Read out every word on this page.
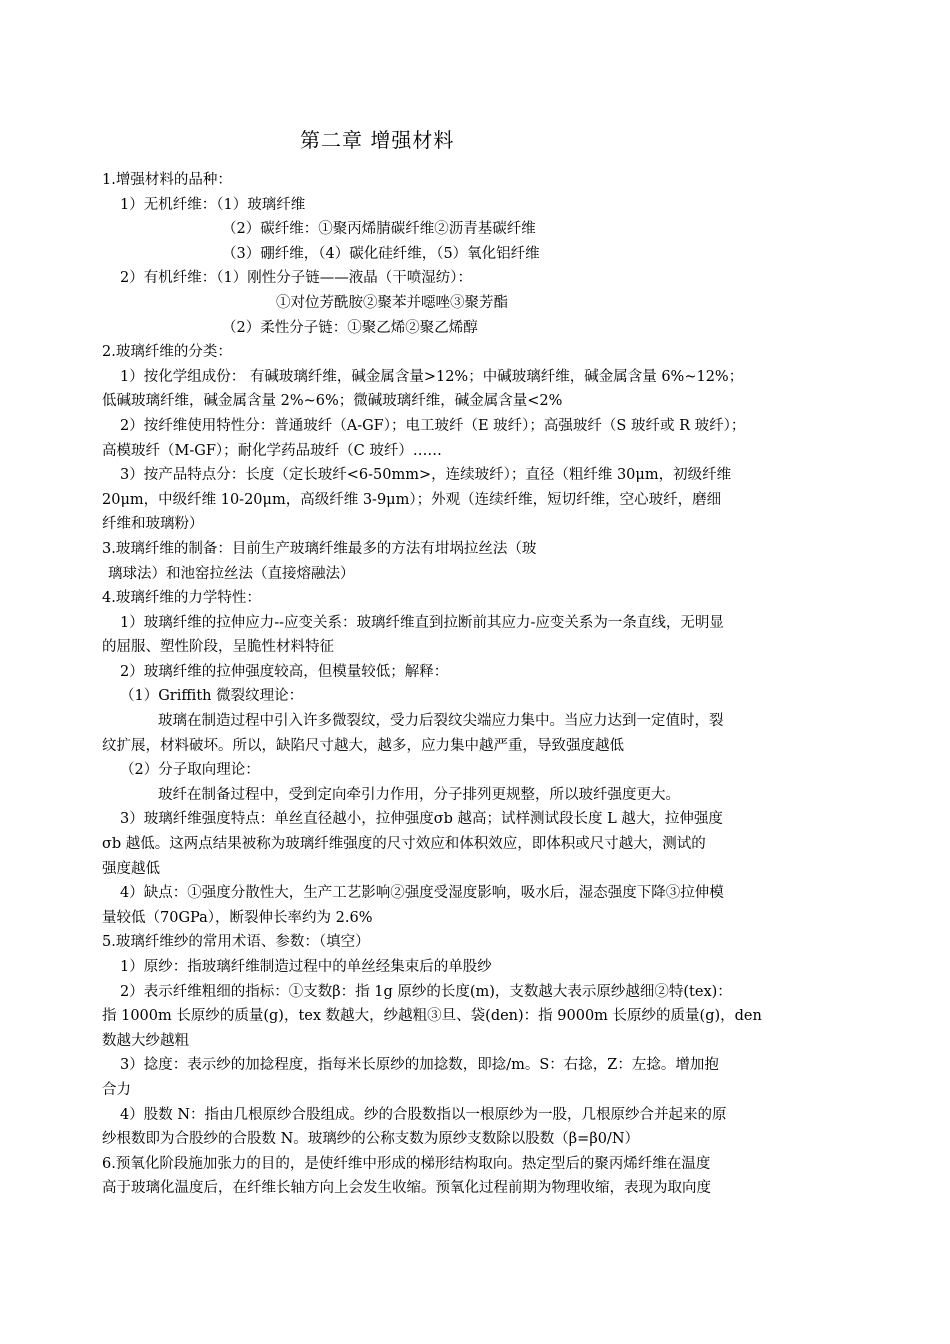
第二章 增强材料
1.增强材料的品种：
1）无机纤维：（1）玻璃纤维
（2）碳纤维：①聚丙烯腈碳纤维②沥青基碳纤维
（3）硼纤维，（4）碳化硅纤维，（5）氧化铝纤维
2）有机纤维：（1）刚性分子链——液晶（干喷湿纺）：
①对位芳酰胺②聚苯并噁唑③聚芳酯
（2）柔性分子链：①聚乙烯②聚乙烯醇
2.玻璃纤维的分类：
1）按化学组成份： 有碱玻璃纤维，碱金属含量>12%；中碱玻璃纤维，碱金属含量 6%~12%；
低碱玻璃纤维，碱金属含量 2%~6%；微碱玻璃纤维，碱金属含量<2%
2）按纤维使用特性分：普通玻纤（A-GF）；电工玻纤（E 玻纤）；高强玻纤（S 玻纤或 R 玻纤）；
高模玻纤（M-GF）；耐化学药品玻纤（C 玻纤）……
3）按产品特点分：长度（定长玻纤<6-50mm>，连续玻纤）；直径（粗纤维 30μm，初级纤维
20μm，中级纤维 10-20μm，高级纤维 3-9μm）；外观（连续纤维，短切纤维，空心玻纤，磨细
纤维和玻璃粉）
3.玻璃纤维的制备：目前生产玻璃纤维最多的方法有坩埚拉丝法（玻
璃球法）和池窑拉丝法（直接熔融法）
4.玻璃纤维的力学特性：
1）玻璃纤维的拉伸应力--应变关系：玻璃纤维直到拉断前其应力-应变关系为一条直线，无明显
的屈服、塑性阶段，呈脆性材料特征
2）玻璃纤维的拉伸强度较高，但模量较低；解释：
（1）Griffith 微裂纹理论：
玻璃在制造过程中引入许多微裂纹，受力后裂纹尖端应力集中。当应力达到一定值时，裂
纹扩展，材料破坏。所以，缺陷尺寸越大，越多，应力集中越严重，导致强度越低
（2）分子取向理论：
玻纤在制备过程中，受到定向牵引力作用，分子排列更规整，所以玻纤强度更大。
3）玻璃纤维强度特点：单丝直径越小，拉伸强度σb 越高；试样测试段长度 L 越大，拉伸强度
σb 越低。这两点结果被称为玻璃纤维强度的尺寸效应和体积效应，即体积或尺寸越大，测试的
强度越低
4）缺点：①强度分散性大，生产工艺影响②强度受湿度影响，吸水后，湿态强度下降③拉伸模
量较低（70GPa），断裂伸长率约为 2.6%
5.玻璃纤维纱的常用术语、参数：（填空）
1）原纱：指玻璃纤维制造过程中的单丝经集束后的单股纱
2）表示纤维粗细的指标：①支数β：指 1g 原纱的长度(m)，支数越大表示原纱越细②特(tex)：
指 1000m 长原纱的质量(g)，tex 数越大，纱越粗③旦、袋(den)：指 9000m 长原纱的质量(g)，den
数越大纱越粗
3）捻度：表示纱的加捻程度，指每米长原纱的加捻数，即捻/m。S：右捻，Z：左捻。增加抱
合力
4）股数 N：指由几根原纱合股组成。纱的合股数指以一根原纱为一股，几根原纱合并起来的原
纱根数即为合股纱的合股数 N。玻璃纱的公称支数为原纱支数除以股数（β=β0/N）
6.预氧化阶段施加张力的目的，是使纤维中形成的梯形结构取向。热定型后的聚丙烯纤维在温度
高于玻璃化温度后，在纤维长轴方向上会发生收缩。预氧化过程前期为物理收缩，表现为取向度
